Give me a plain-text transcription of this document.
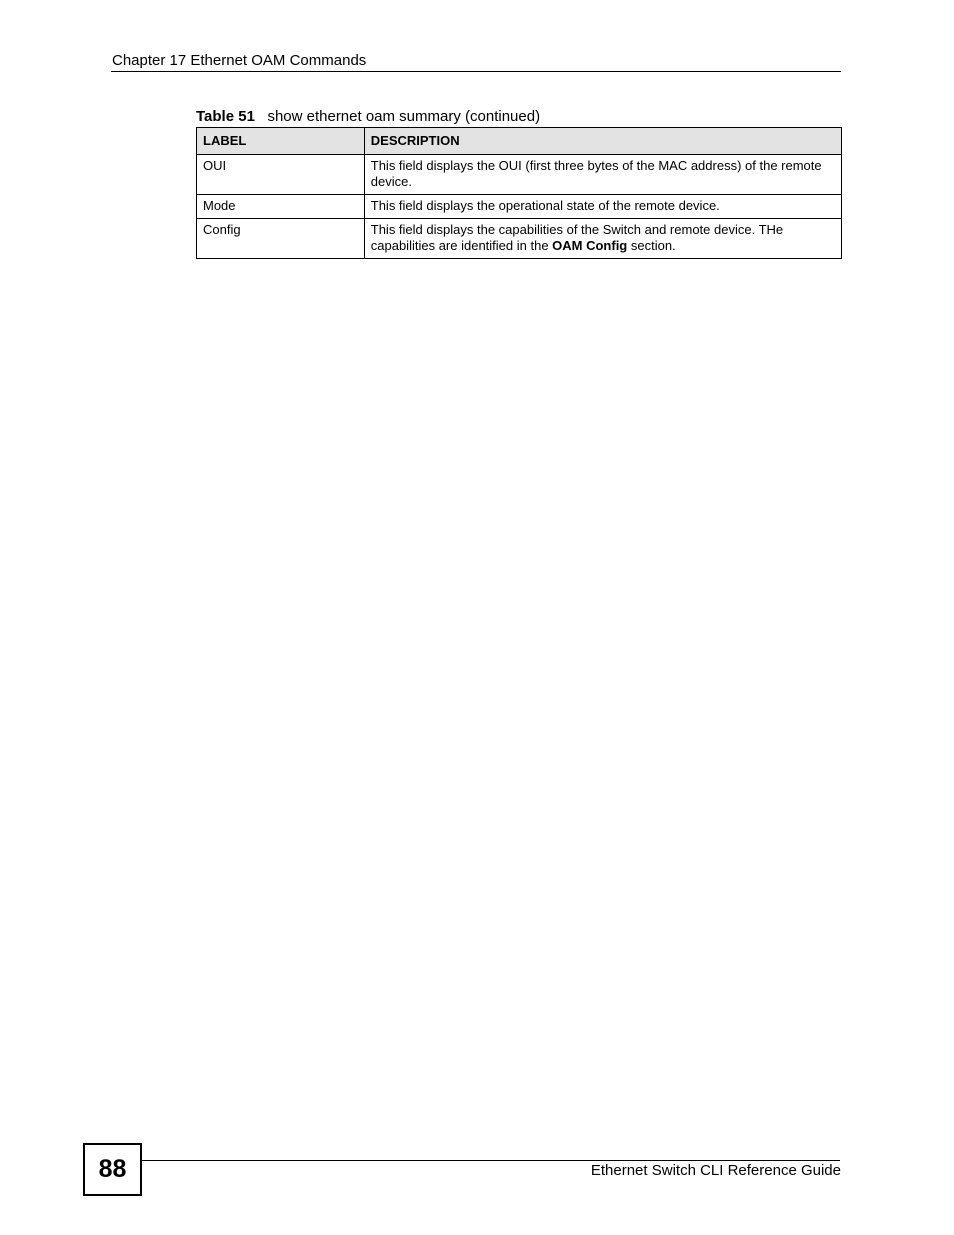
Chapter 17 Ethernet OAM Commands
Table 51 show ethernet oam summary (continued)
LABEL	DESCRIPTION
OUI	This field displays the OUI (first three bytes of the MAC address) of the remote device.
Mode	This field displays the operational state of the remote device.
Config	This field displays the capabilities of the Switch and remote device. THe capabilities are identified in the OAM Config section.
88	Ethernet Switch CLI Reference Guide
